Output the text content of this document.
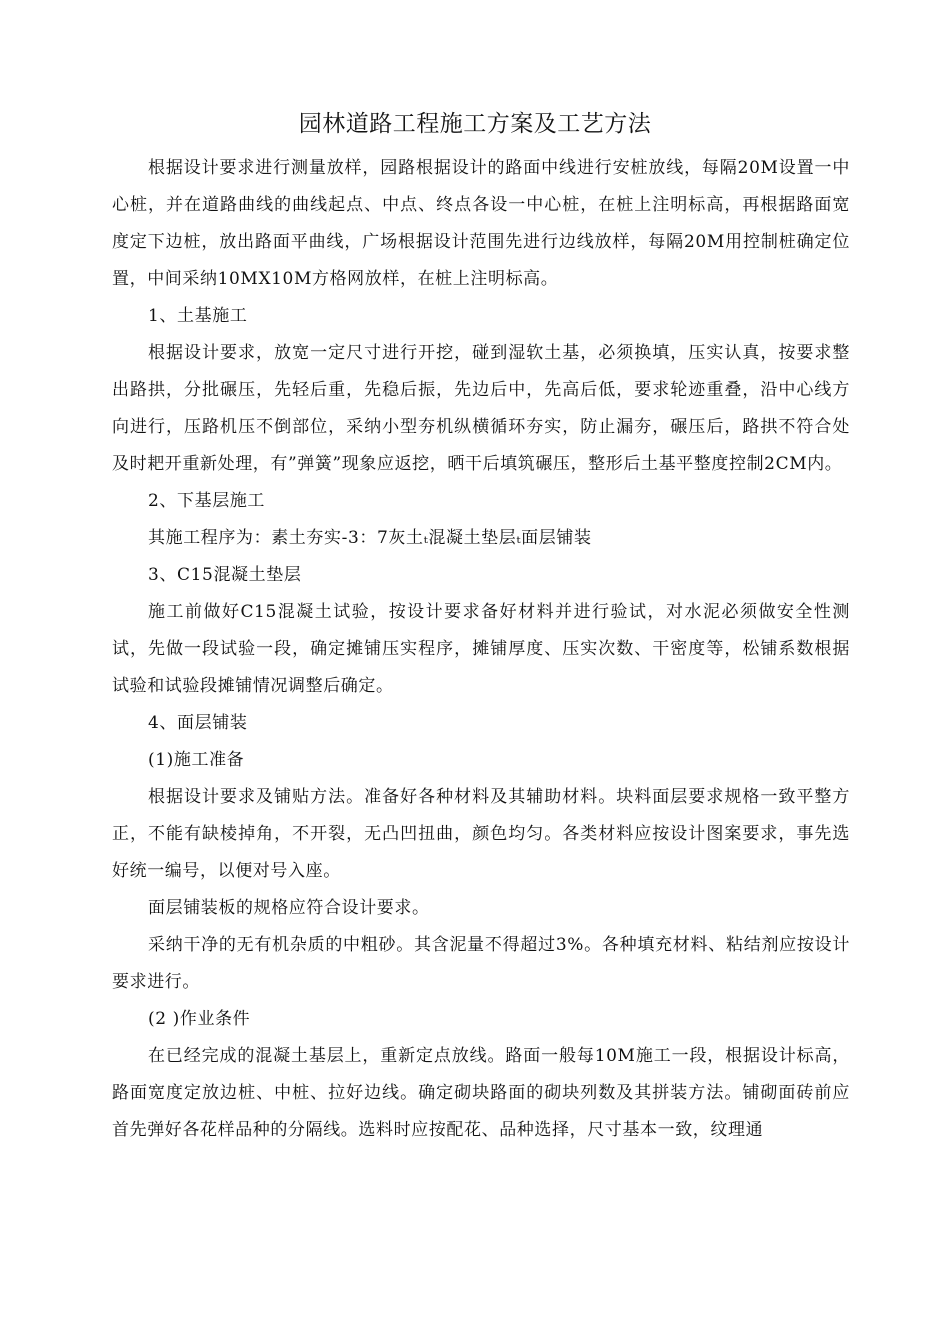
园林道路工程施工方案及工艺方法

根据设计要求进行测量放样，园路根据设计的路面中线进行安桩放线，每隔20M设置一中心桩，并在道路曲线的曲线起点、中点、终点各设一中心桩，在桩上注明标高，再根据路面宽度定下边桩，放出路面平曲线，广场根据设计范围先进行边线放样，每隔20M用控制桩确定位置，中间采纳10MX10M方格网放样，在桩上注明标高。

1、土基施工

根据设计要求，放宽一定尺寸进行开挖，碰到湿软土基，必须换填，压实认真，按要求整出路拱，分批碾压，先轻后重，先稳后振，先边后中，先高后低，要求轮迹重叠，沿中心线方向进行，压路机压不倒部位，采纳小型夯机纵横循环夯实，防止漏夯，碾压后，路拱不符合处及时耙开重新处理，有”弹簧”现象应返挖，晒干后填筑碾压，整形后土基平整度控制2CM内。

2、下基层施工

其施工程序为：素土夯实-3：7灰土ₜ混凝土垫层ₜ面层铺装

3、C15混凝土垫层

施工前做好C15混凝土试验，按设计要求备好材料并进行验试，对水泥必须做安全性测试，先做一段试验一段，确定摊铺压实程序，摊铺厚度、压实次数、干密度等，松铺系数根据试验和试验段摊铺情况调整后确定。

4、面层铺装

(1)施工准备

根据设计要求及铺贴方法。准备好各种材料及其辅助材料。块料面层要求规格一致平整方正，不能有缺棱掉角，不开裂，无凸凹扭曲，颜色均匀。各类材料应按设计图案要求，事先选好统一编号，以便对号入座。

面层铺装板的规格应符合设计要求。

采纳干净的无有机杂质的中粗砂。其含泥量不得超过3%。各种填充材料、粘结剂应按设计要求进行。

(2 )作业条件

在已经完成的混凝土基层上，重新定点放线。路面一般每10M施工一段，根据设计标高，路面宽度定放边桩、中桩、拉好边线。确定砌块路面的砌块列数及其拼装方法。铺砌面砖前应首先弹好各花样品种的分隔线。选料时应按配花、品种选择，尺寸基本一致，纹理通
